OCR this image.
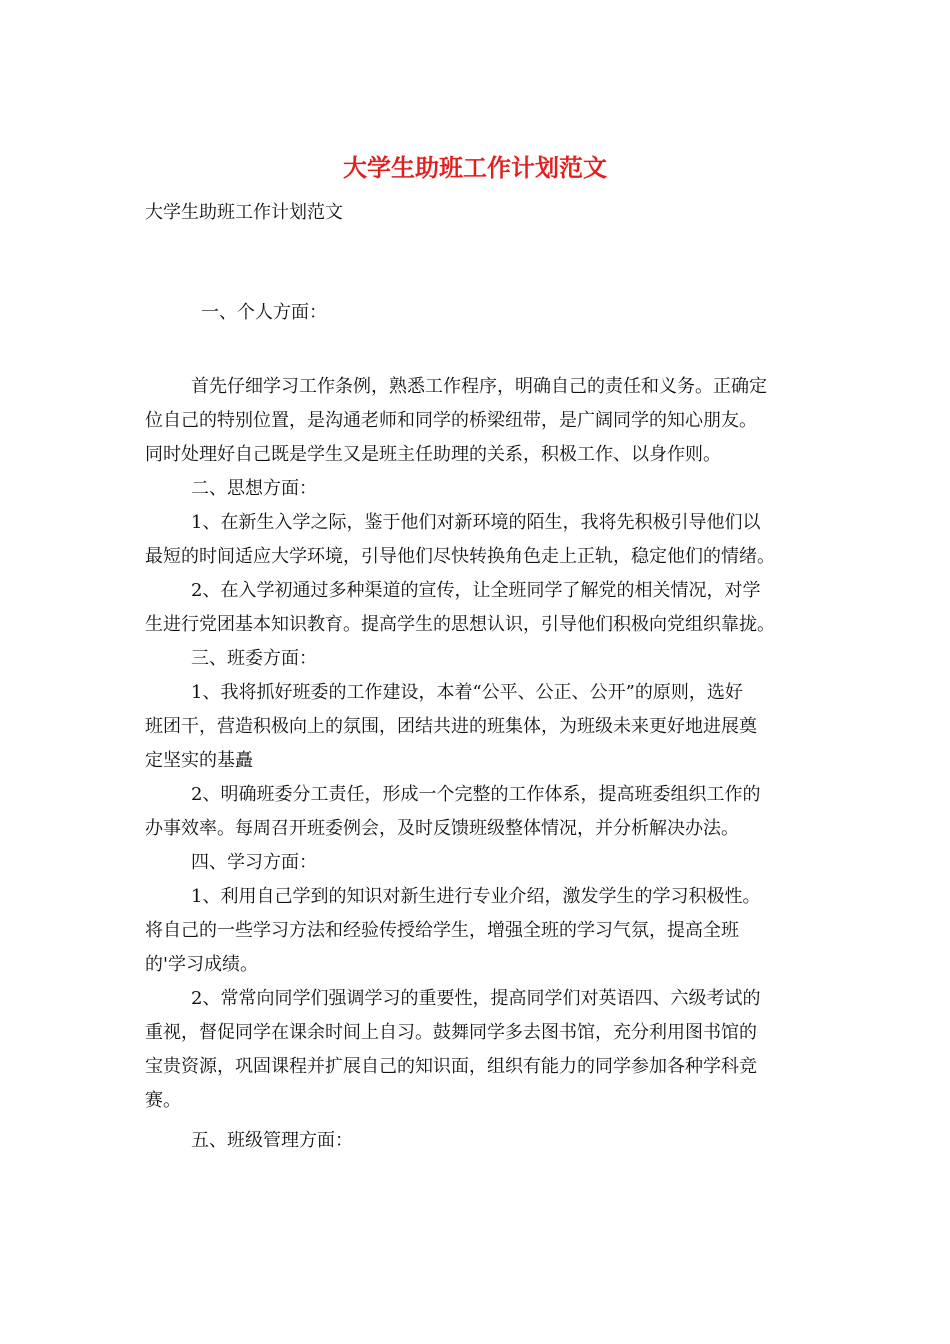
大学生助班工作计划范文
大学生助班工作计划范文
一、个人方面：
首先仔细学习工作条例，熟悉工作程序，明确自己的责任和义务。正确定
位自己的特别位置，是沟通老师和同学的桥梁纽带，是广阔同学的知心朋友。
同时处理好自己既是学生又是班主任助理的关系，积极工作、以身作则。
二、思想方面：
1、在新生入学之际，鉴于他们对新环境的陌生，我将先积极引导他们以
最短的时间适应大学环境，引导他们尽快转换角色走上正轨，稳定他们的情绪。
2、在入学初通过多种渠道的宣传，让全班同学了解党的相关情况，对学
生进行党团基本知识教育。提高学生的思想认识，引导他们积极向党组织靠拢。
三、班委方面：
1、我将抓好班委的工作建设，本着“公平、公正、公开”的原则，选好
班团干，营造积极向上的氛围，团结共进的班集体，为班级未来更好地进展奠
定坚实的基矗
2、明确班委分工责任，形成一个完整的工作体系，提高班委组织工作的
办事效率。每周召开班委例会，及时反馈班级整体情况，并分析解决办法。
四、学习方面：
1、利用自己学到的知识对新生进行专业介绍，激发学生的学习积极性。
将自己的一些学习方法和经验传授给学生，增强全班的学习气氛，提高全班
的'学习成绩。
2、常常向同学们强调学习的重要性，提高同学们对英语四、六级考试的
重视，督促同学在课余时间上自习。鼓舞同学多去图书馆，充分利用图书馆的
宝贵资源，巩固课程并扩展自己的知识面，组织有能力的同学参加各种学科竞
赛。
五、班级管理方面：
